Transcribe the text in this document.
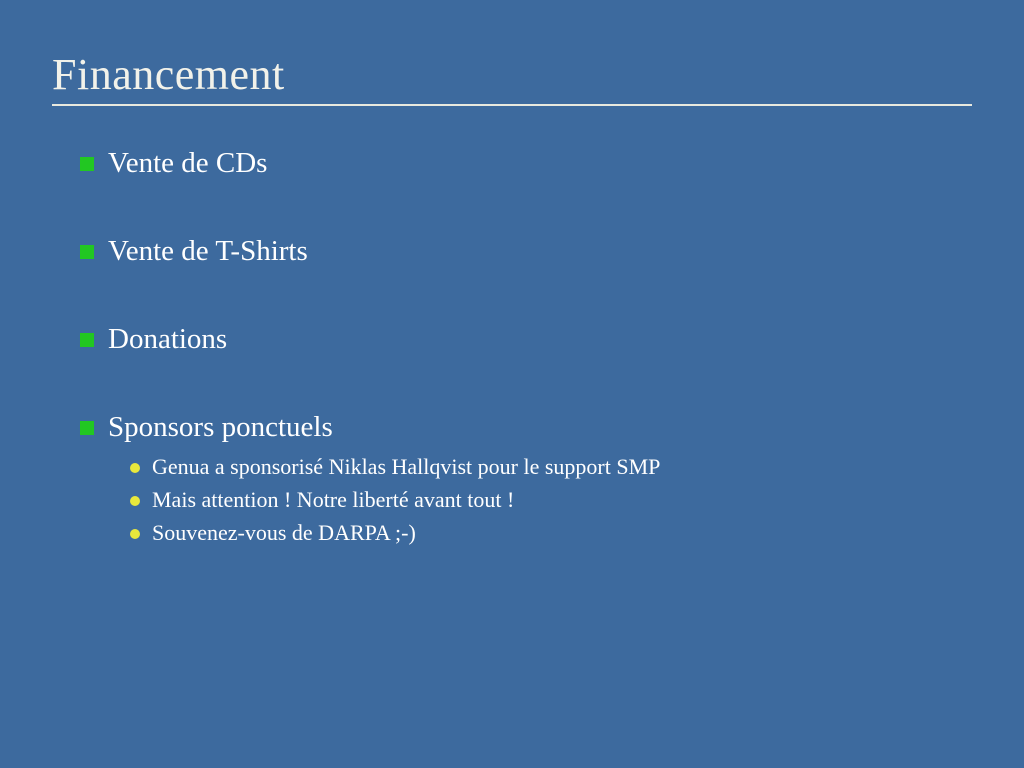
Financement
Vente de CDs
Vente de T-Shirts
Donations
Sponsors ponctuels
Genua a sponsorisé Niklas Hallqvist pour le support SMP
Mais attention ! Notre liberté avant tout !
Souvenez-vous de DARPA ;-)
